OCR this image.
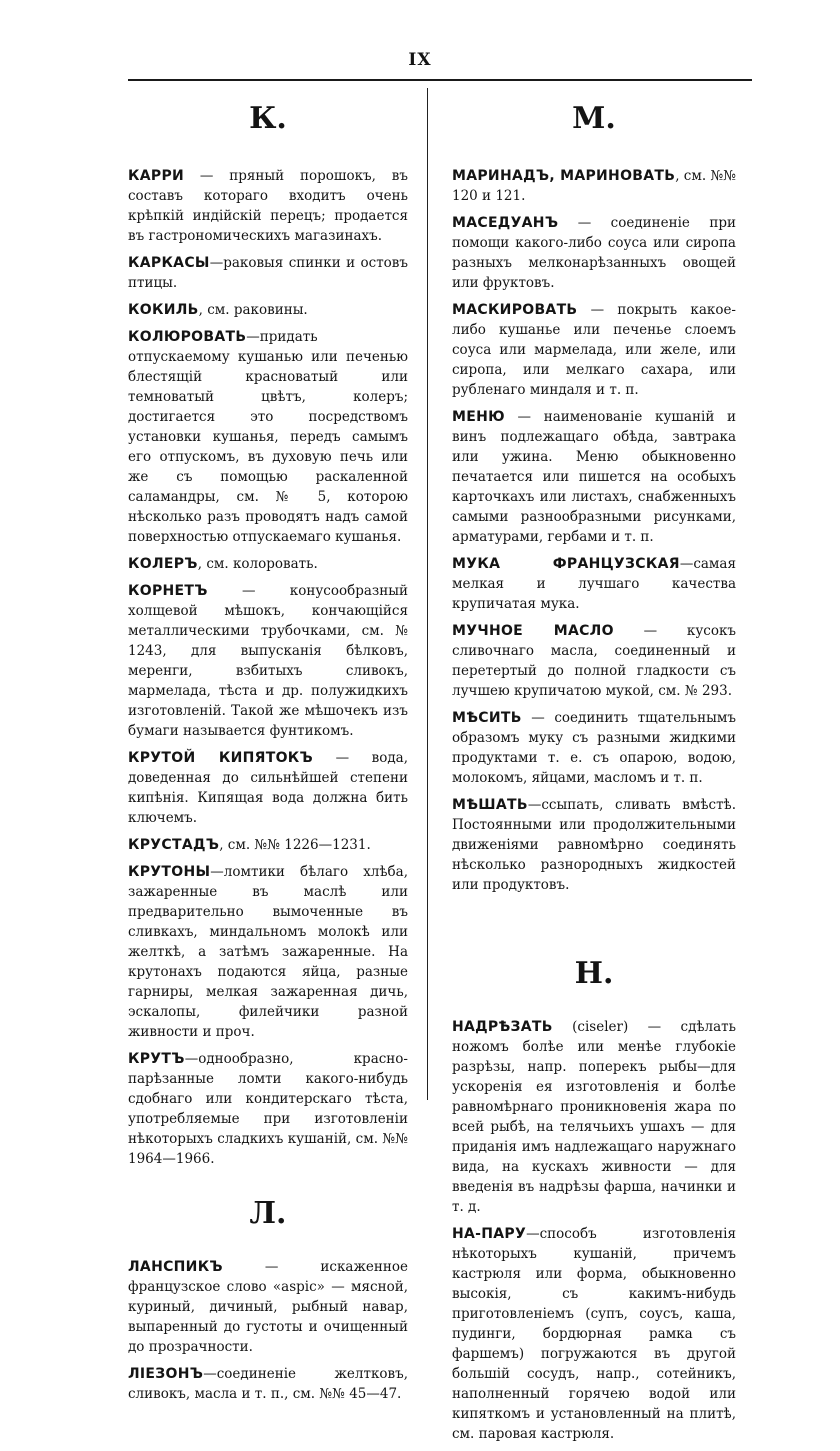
IX
К.

КАРРИ — пряный порошокъ, въ составъ котораго входитъ очень крѣпкій индійскій перецъ; продается въ гастрономическихъ магазинахъ.

КАРКАСЫ—раковыя спинки и остовъ птицы.

КОКИЛЬ, см. раковины.

КОЛЮРОВАТЬ—придать отпускаемому кушанью или печенью блестящій красноватый или темноватый цвѣтъ, колеръ; достигается это посредствомъ установки кушанья, передъ самымъ его отпускомъ, въ духовую печь или же съ помощью раскаленной саламандры, см. № 5, которою нѣсколько разъ проводятъ надъ самой поверхностью отпускаемаго кушанья.

КОЛЕРЪ, см. колоровать.

КОРНЕТЪ — конусообразный холщевой мѣшокъ, кончающійся металлическими трубочками, см. № 1243, для выпусканія бѣлковъ, меренги, взбитыхъ сливокъ, мармелада, тѣста и др. полужидкихъ изготовленій. Такой же мѣшочекъ изъ бумаги называется фунтикомъ.

КРУТОЙ КИПЯТОКЪ — вода, доведенная до сильнѣйшей степени кипѣнія. Кипящая вода должна бить ключемъ.

КРУСТАДЪ, см. №№ 1226—1231.

КРУТОНЫ—ломтики бѣлаго хлѣба, зажаренные въ маслѣ или предварительно вымоченные въ сливкахъ, миндальномъ молокѣ или желткѣ, а затѣмъ зажаренные. На крутонахъ подаются яйца, разные гарниры, мелкая зажаренная дичь, эскалопы, филейчики разной живности и проч.

КРУТЪ—однообразно, красно-парѣзанные ломти какого-нибудь сдобнаго или кондитерскаго тѣста, употребляемые при изготовленіи нѣкоторыхъ сладкихъ кушаній, см. №№ 1964—1966.

Л.

ЛАНСПИКЪ — искаженное французское слово «aspic» — мясной, куриный, дичиный, рыбный навар, выпаренный до густоты и очищенный до прозрачности.

ЛІЕЗОНЪ—соединеніе желтковъ, сливокъ, масла и т. п., см. №№ 45—47.

М.

МАРИНАДЪ, МАРИНОВАТЬ, см. №№ 120 и 121.

МАСЕДУАНЪ — соединеніе при помощи какого-либо соуса или сиропа разныхъ мелконарѣзанныхъ овощей или фруктовъ.

МАСКИРОВАТЬ — покрыть какое-либо кушанье или печенье слоемъ соуса или мармелада, или желе, или сиропа, или мелкаго сахара, или рубленаго миндаля и т. п.

МЕНЮ — наименованіе кушаній и винъ подлежащаго обѣда, завтрака или ужина. Меню обыкновенно печатается или пишется на особыхъ карточкахъ или листахъ, снабженныхъ самыми разнообразными рисунками, арматурами, гербами и т. п.

МУКА ФРАНЦУЗСКАЯ—самая мелкая и лучшаго качества крупичатая мука.

МУЧНОЕ МАСЛО — кусокъ сливочнаго масла, соединенный и перетертый до полной гладкости съ лучшею крупичатою мукой, см. № 293.

МѢСИТЬ — соединить тщательнымъ образомъ муку съ разными жидкими продуктами т. е. съ опарою, водою, молокомъ, яйцами, масломъ и т. п.

МѢШАТЬ—ссыпать, сливать вмѣстѣ. Постоянными или продолжительными движеніями равномѣрно соединять нѣсколько разнородныхъ жидкостей или продуктовъ.

Н.

НАДРѢЗАТЬ (ciseler) — сдѣлать ножомъ болѣе или менѣе глубокіе разрѣзы, напр. поперекъ рыбы—для ускоренія ея изготовленія и болѣе равномѣрнаго проникновенія жара по всей рыбѣ, на телячьихъ ушахъ — для приданія имъ надлежащаго наружнаго вида, на кускахъ живности — для введенія въ надрѣзы фарша, начинки и т. д.

НА-ПАРУ—способъ изготовленія нѣкоторыхъ кушаній, причемъ кастрюля или форма, обыкновенно высокія, съ какимъ-нибудь приготовленіемъ (супъ, соусъ, каша, пудинги, бордюрная рамка съ фаршемъ) погружаются въ другой большій сосудъ, напр., сотейникъ, наполненный горячею водой или кипяткомъ и установленный на плитѣ, см. паровая кастрюля.
